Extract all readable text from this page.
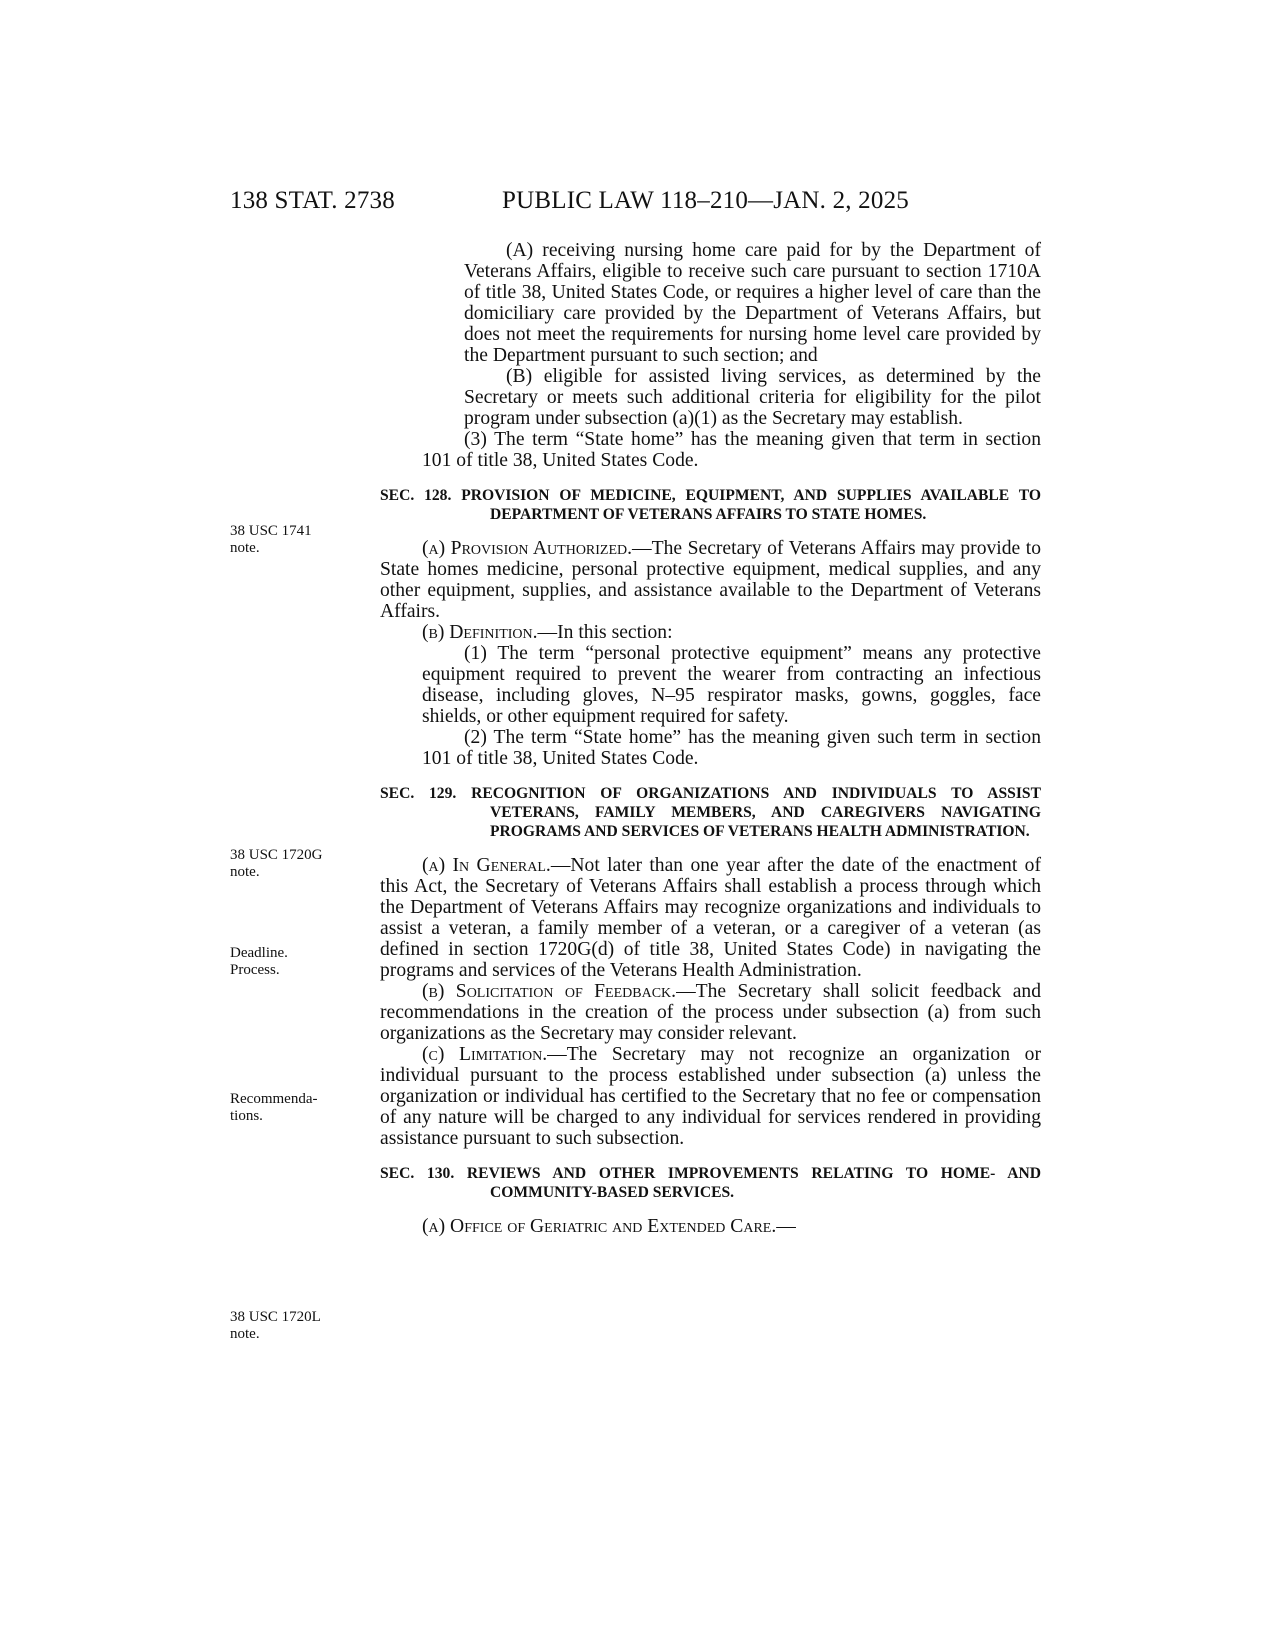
138 STAT. 2738	PUBLIC LAW 118–210—JAN. 2, 2025
38 USC 1741
note.
38 USC 1720G
note.
Deadline.
Process.
Recommenda-
tions.
38 USC 1720L
note.

(A) receiving nursing home care paid for by the Department of Veterans Affairs, eligible to receive such care pursuant to section 1710A of title 38, United States Code, or requires a higher level of care than the domiciliary care provided by the Department of Veterans Affairs, but does not meet the requirements for nursing home level care provided by the Department pursuant to such section; and

(B) eligible for assisted living services, as determined by the Secretary or meets such additional criteria for eligibility for the pilot program under subsection (a)(1) as the Secretary may establish.

(3) The term “State home” has the meaning given that term in section 101 of title 38, United States Code.

SEC. 128. PROVISION OF MEDICINE, EQUIPMENT, AND SUPPLIES AVAILABLE TO DEPARTMENT OF VETERANS AFFAIRS TO STATE HOMES.

(a) Provision Authorized.—The Secretary of Veterans Affairs may provide to State homes medicine, personal protective equipment, medical supplies, and any other equipment, supplies, and assistance available to the Department of Veterans Affairs.

(b) Definition.—In this section:

(1) The term “personal protective equipment” means any protective equipment required to prevent the wearer from contracting an infectious disease, including gloves, N–95 respirator masks, gowns, goggles, face shields, or other equipment required for safety.

(2) The term “State home” has the meaning given such term in section 101 of title 38, United States Code.

SEC. 129. RECOGNITION OF ORGANIZATIONS AND INDIVIDUALS TO ASSIST VETERANS, FAMILY MEMBERS, AND CAREGIVERS NAVIGATING PROGRAMS AND SERVICES OF VETERANS HEALTH ADMINISTRATION.

(a) In General.—Not later than one year after the date of the enactment of this Act, the Secretary of Veterans Affairs shall establish a process through which the Department of Veterans Affairs may recognize organizations and individuals to assist a veteran, a family member of a veteran, or a caregiver of a veteran (as defined in section 1720G(d) of title 38, United States Code) in navigating the programs and services of the Veterans Health Administration.

(b) Solicitation of Feedback.—The Secretary shall solicit feedback and recommendations in the creation of the process under subsection (a) from such organizations as the Secretary may consider relevant.

(c) Limitation.—The Secretary may not recognize an organization or individual pursuant to the process established under subsection (a) unless the organization or individual has certified to the Secretary that no fee or compensation of any nature will be charged to any individual for services rendered in providing assistance pursuant to such subsection.

SEC. 130. REVIEWS AND OTHER IMPROVEMENTS RELATING TO HOME- AND COMMUNITY-BASED SERVICES.

(a) Office of Geriatric and Extended Care.—
